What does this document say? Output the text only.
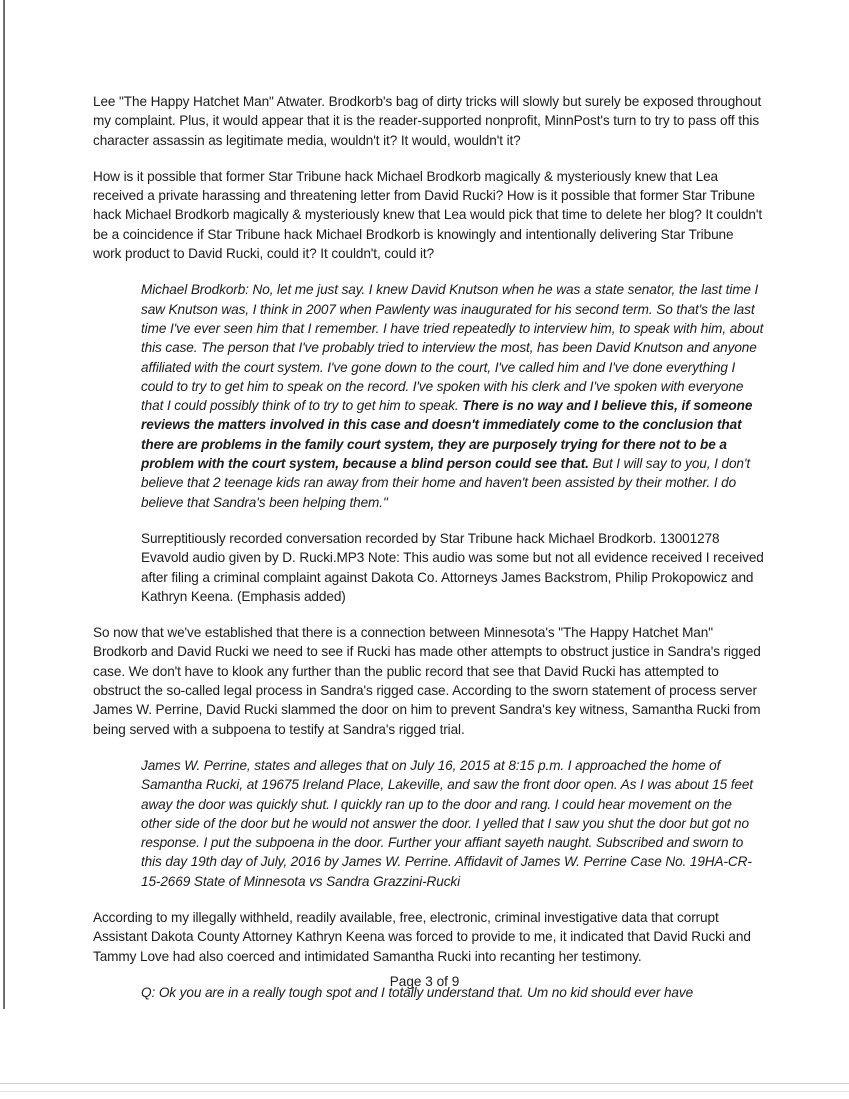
Lee "The Happy Hatchet Man" Atwater. Brodkorb's bag of dirty tricks will slowly but surely be exposed throughout my complaint. Plus, it would appear that it is the reader-supported nonprofit, MinnPost's turn to try to pass off this character assassin as legitimate media, wouldn't it? It would, wouldn't it?

How is it possible that former Star Tribune hack Michael Brodkorb magically & mysteriously knew that Lea received a private harassing and threatening letter from David Rucki? How is it possible that former Star Tribune hack Michael Brodkorb magically & mysteriously knew that Lea would pick that time to delete her blog? It couldn't be a coincidence if Star Tribune hack Michael Brodkorb is knowingly and intentionally delivering Star Tribune work product to David Rucki, could it? It couldn't, could it?

Michael Brodkorb: No, let me just say. I knew David Knutson when he was a state senator, the last time I saw Knutson was, I think in 2007 when Pawlenty was inaugurated for his second term. So that's the last time I've ever seen him that I remember. I have tried repeatedly to interview him, to speak with him, about this case. The person that I've probably tried to interview the most, has been David Knutson and anyone affiliated with the court system. I've gone down to the court, I've called him and I've done everything I could to try to get him to speak on the record. I've spoken with his clerk and I've spoken with everyone that I could possibly think of to try to get him to speak. There is no way and I believe this, if someone reviews the matters involved in this case and doesn't immediately come to the conclusion that there are problems in the family court system, they are purposely trying for there not to be a problem with the court system, because a blind person could see that. But I will say to you, I don't believe that 2 teenage kids ran away from their home and haven't been assisted by their mother. I do believe that Sandra's been helping them."

Surreptitiously recorded conversation recorded by Star Tribune hack Michael Brodkorb. 13001278 Evavold audio given by D. Rucki.MP3 Note: This audio was some but not all evidence received I received after filing a criminal complaint against Dakota Co. Attorneys James Backstrom, Philip Prokopowicz and Kathryn Keena. (Emphasis added)

So now that we've established that there is a connection between Minnesota's "The Happy Hatchet Man" Brodkorb and David Rucki we need to see if Rucki has made other attempts to obstruct justice in Sandra's rigged case. We don't have to klook any further than the public record that see that David Rucki has attempted to obstruct the so-called legal process in Sandra's rigged case. According to the sworn statement of process server James W. Perrine, David Rucki slammed the door on him to prevent Sandra's key witness, Samantha Rucki from being served with a subpoena to testify at Sandra's rigged trial.

James W. Perrine, states and alleges that on July 16, 2015 at 8:15 p.m. I approached the home of Samantha Rucki, at 19675 Ireland Place, Lakeville, and saw the front door open. As I was about 15 feet away the door was quickly shut. I quickly ran up to the door and rang. I could hear movement on the other side of the door but he would not answer the door. I yelled that I saw you shut the door but got no response. I put the subpoena in the door. Further your affiant sayeth naught. Subscribed and sworn to this day 19th day of July, 2016 by James W. Perrine. Affidavit of James W. Perrine Case No. 19HA-CR-15-2669 State of Minnesota vs Sandra Grazzini-Rucki

According to my illegally withheld, readily available, free, electronic, criminal investigative data that corrupt Assistant Dakota County Attorney Kathryn Keena was forced to provide to me, it indicated that David Rucki and Tammy Love had also coerced and intimidated Samantha Rucki into recanting her testimony.

Q: Ok you are in a really tough spot and I totally understand that. Um no kid should ever have

Page 3 of 9
